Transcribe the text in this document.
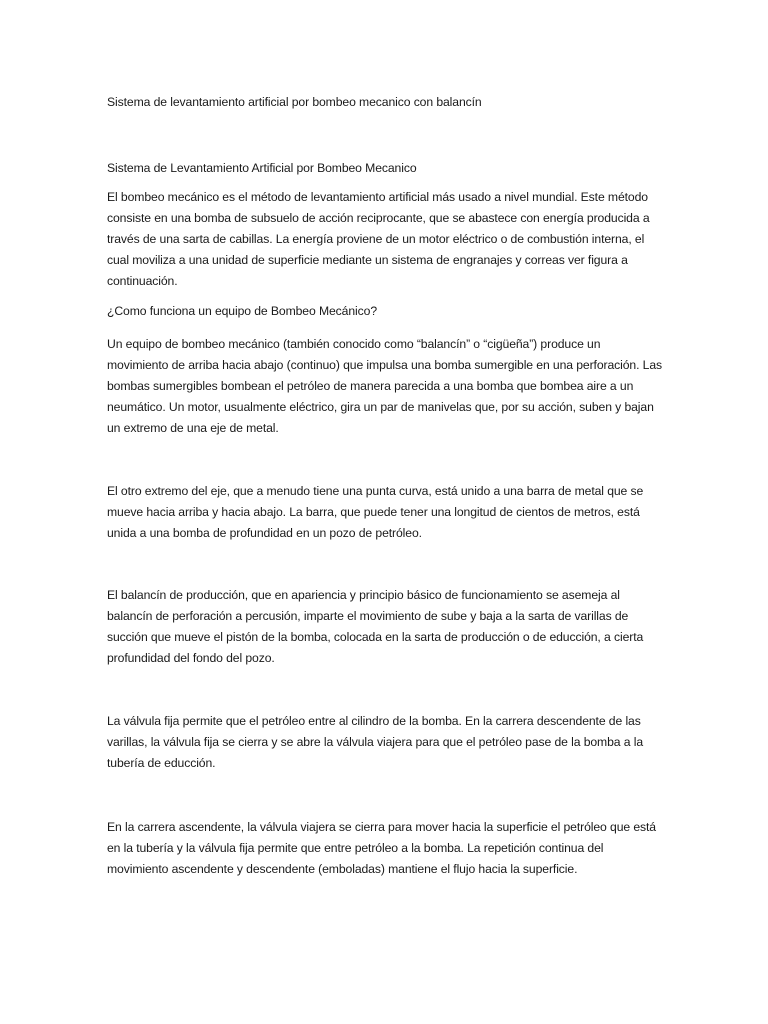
Sistema de levantamiento artificial por bombeo mecanico con balancín

Sistema de Levantamiento Artificial por Bombeo Mecanico

El bombeo mecánico es el método de levantamiento artificial más usado a nivel mundial. Este método consiste en una bomba de subsuelo de acción reciprocante, que se abastece con energía producida a través de una sarta de cabillas. La energía proviene de un motor eléctrico o de combustión interna, el cual moviliza a una unidad de superficie mediante un sistema de engranajes y correas ver figura a continuación.

¿Como funciona un equipo de Bombeo Mecánico?

Un equipo de bombeo mecánico (también conocido como “balancín” o “cigüeña”) produce un movimiento de arriba hacia abajo (continuo) que impulsa una bomba sumergible en una perforación. Las bombas sumergibles bombean el petróleo de manera parecida a una bomba que bombea aire a un neumático. Un motor, usualmente eléctrico, gira un par de manivelas que, por su acción, suben y bajan un extremo de una eje de metal.

El otro extremo del eje, que a menudo tiene una punta curva, está unido a una barra de metal que se mueve hacia arriba y hacia abajo. La barra, que puede tener una longitud de cientos de metros, está unida a una bomba de profundidad en un pozo de petróleo.

El balancín de producción, que en apariencia y principio básico de funcionamiento se asemeja al balancín de perforación a percusión, imparte el movimiento de sube y baja a la sarta de varillas de succión que mueve el pistón de la bomba, colocada en la sarta de producción o de educción, a cierta profundidad del fondo del pozo.

La válvula fija permite que el petróleo entre al cilindro de la bomba. En la carrera descendente de las varillas, la válvula fija se cierra y se abre la válvula viajera para que el petróleo pase de la bomba a la tubería de educción.

En la carrera ascendente, la válvula viajera se cierra para mover hacia la superficie el petróleo que está en la tubería y la válvula fija permite que entre petróleo a la bomba. La repetición continua del movimiento ascendente y descendente (emboladas) mantiene el flujo hacia la superficie.
